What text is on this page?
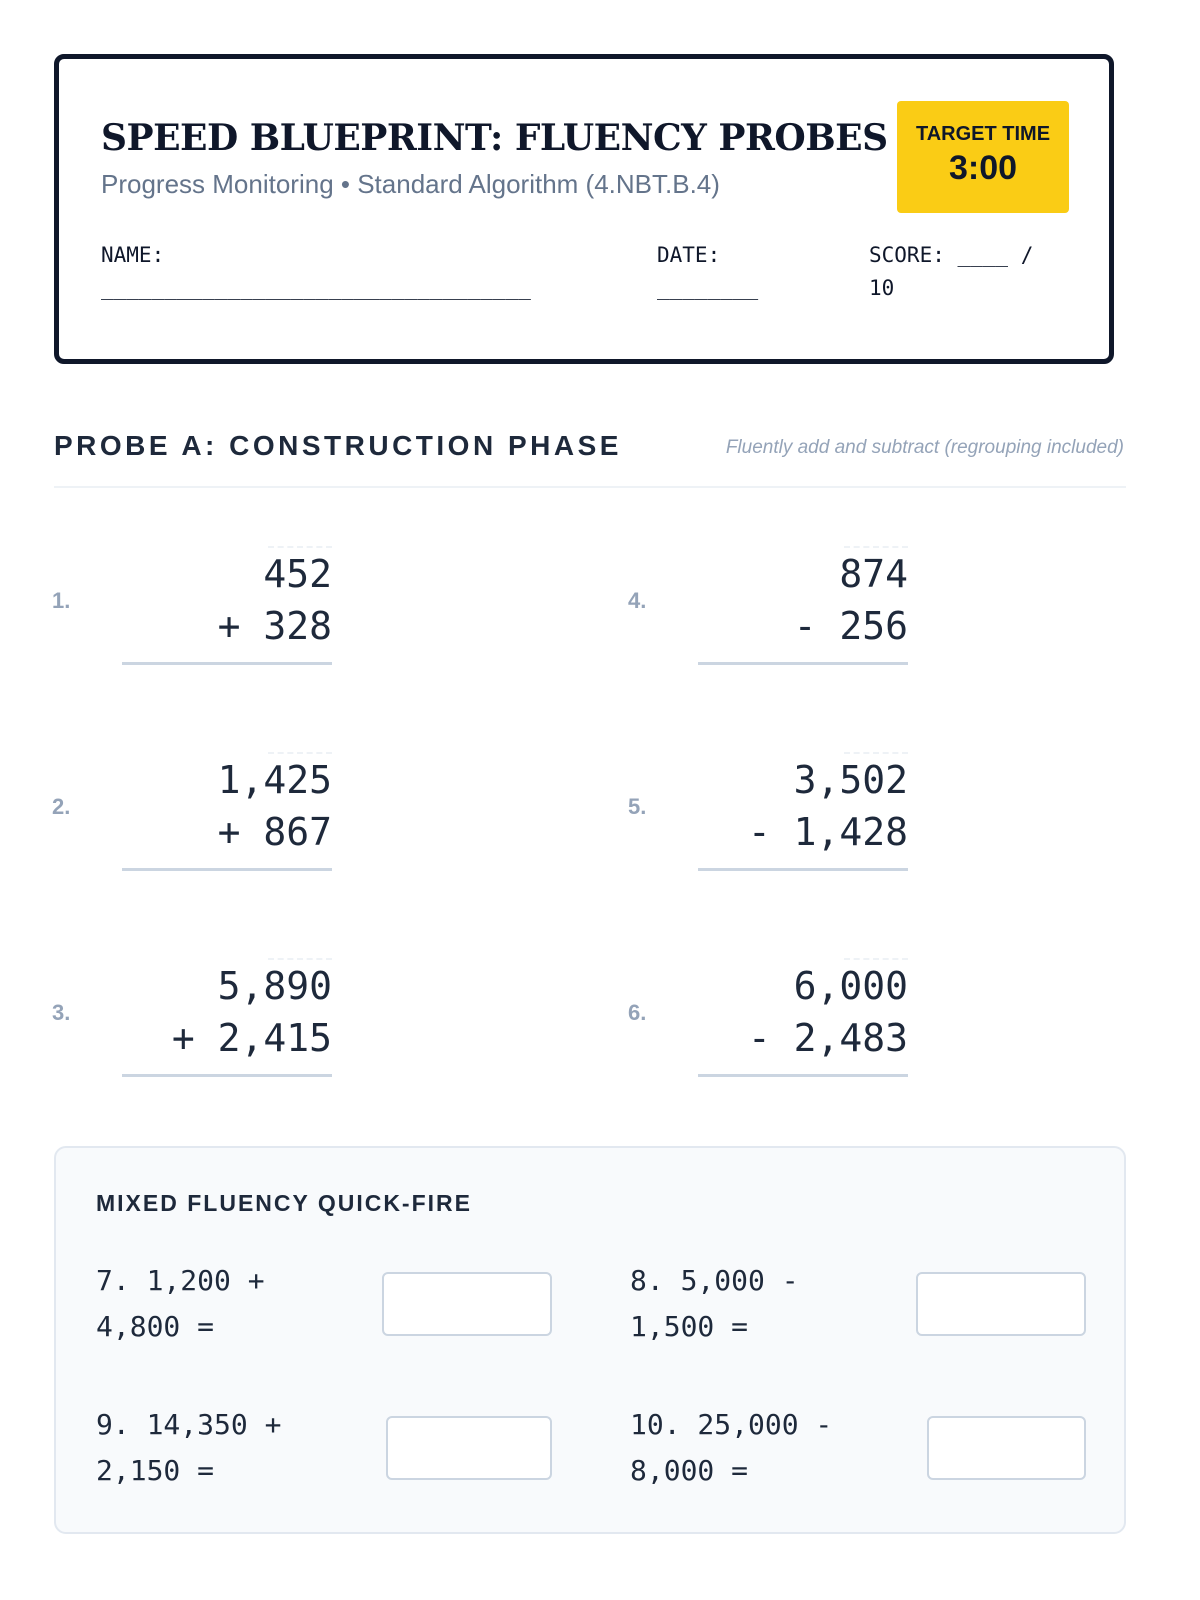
SPEED BLUEPRINT: FLUENCY PROBES
Progress Monitoring • Standard Algorithm (4.NBT.B.4)
TARGET TIME
3:00
NAME: __________________________________
DATE: ________
SCORE: ____ / 10
PROBE A: CONSTRUCTION PHASE	Fluently add and subtract (regrouping included)
1.
452
+ 328
2.
1,425
+ 867
3.
5,890
+ 2,415
4.
874
- 256
5.
3,502
- 1,428
6.
6,000
- 2,483
MIXED FLUENCY QUICK-FIRE
7. 1,200 + 4,800 =
8. 5,000 - 1,500 =
9. 14,350 + 2,150 =
10. 25,000 - 8,000 =
